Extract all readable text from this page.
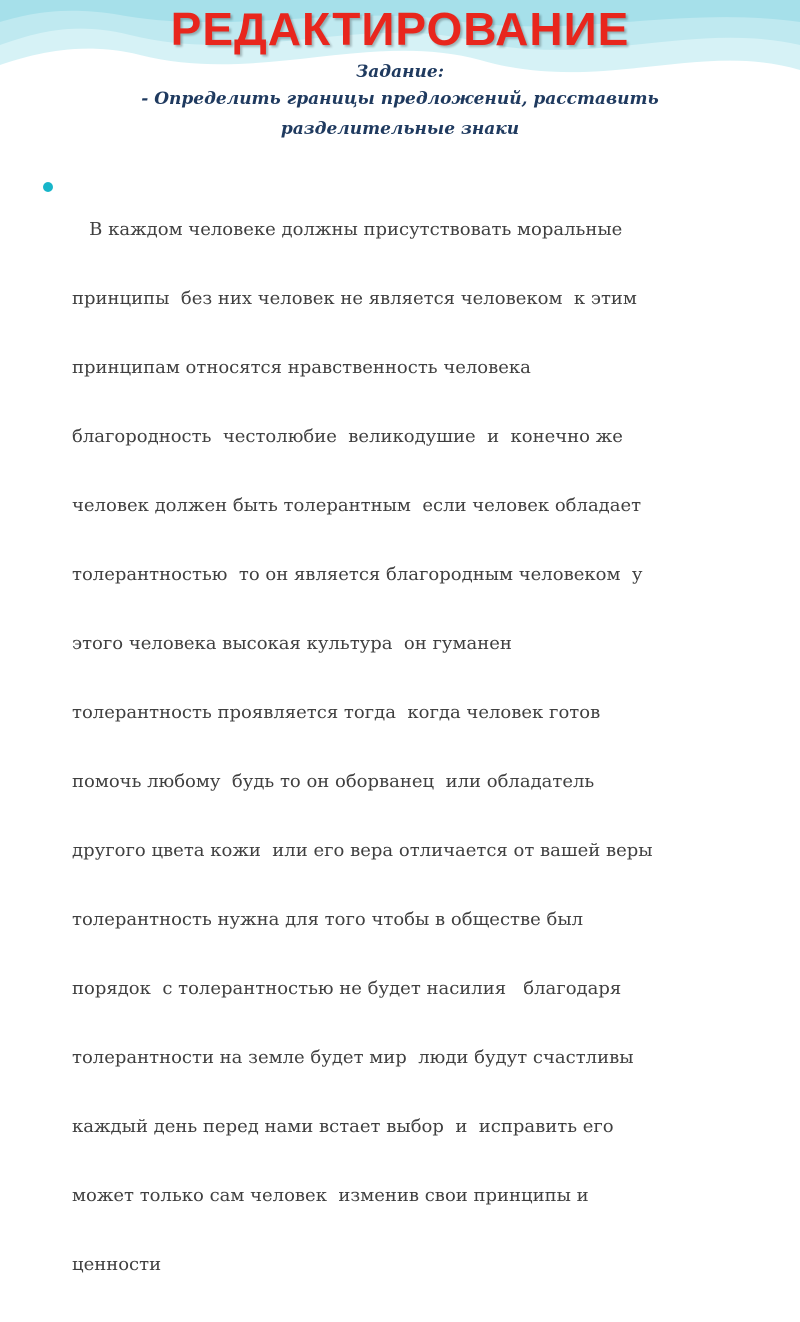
РЕДАКТИРОВАНИЕ
Задание:
- Определить границы предложений, расставить
разделительные знаки

В каждом человеке должны присутствовать моральные

принципы  без них человек не является человеком  к этим

принципам относятся нравственность человека

благородность  честолюбие  великодушие  и  конечно же

человек должен быть толерантным  если человек обладает

толерантностью  то он является благородным человеком  у

этого человека высокая культура  он гуманен

толерантность проявляется тогда  когда человек готов

помочь любому  будь то он оборванец  или обладатель

другого цвета кожи  или его вера отличается от вашей веры

толерантность нужна для того чтобы в обществе был

порядок  с толерантностью не будет насилия   благодаря

толерантности на земле будет мир  люди будут счастливы

каждый день перед нами встает выбор  и  исправить его

может только сам человек  изменив свои принципы и

ценности
